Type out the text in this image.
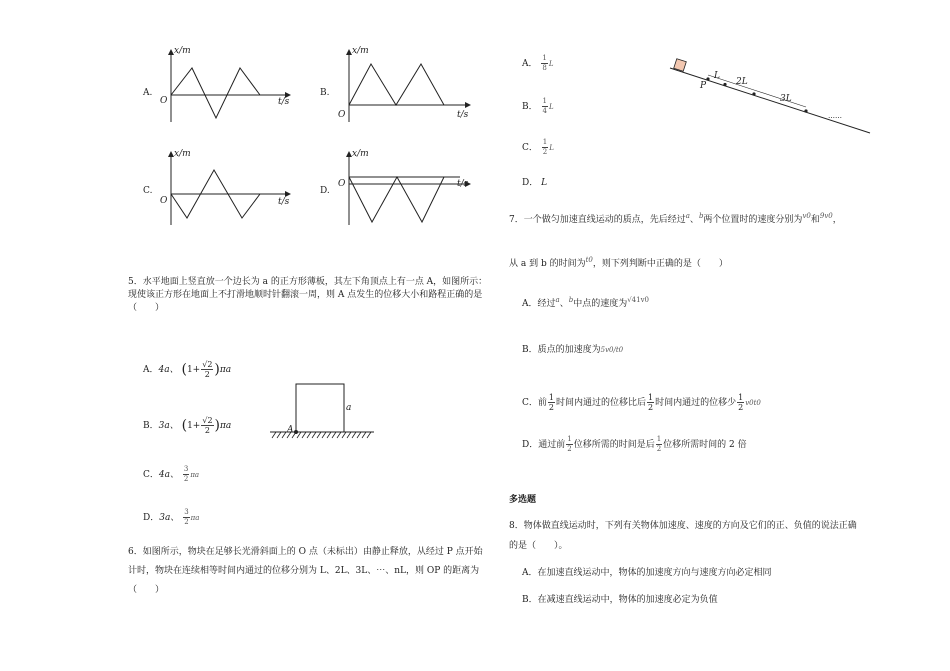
x/m
t/s
O
A.
x/m
t/s
O
B.
x/m
t/s
O
C.
x/m
t/s
O
D.
5．水平地面上竖直放一个边长为 a 的正方形薄板，其左下角顶点上有一点 A，如图所示：现使该正方形在地面上不打滑地顺时针翻滚一周，则 A 点发生的位移大小和路程正确的是（　　）
A．4a、 $(1+ \frac{√2}{2} )\pi a$
B．3a、 $(1+ \frac{√2}{2} )\pi a$
C．4a、 $\frac{3}{2}$ πa
D．3a、 $\frac{3}{2}$ πa
a
A
6．如图所示，物块在足够长光滑斜面上的 O 点（未标出）由静止释放，从经过 P 点开始计时，物块在连续相等时间内通过的位移分别为 L、2L、3L、⋯、nL，则 OP 的距离为（　　）
A． $\frac{1}{8}$ L
B． $\frac{1}{4}$ L
C． $\frac{1}{2}$ L
D． L
P
L
2L
3L
……
7．一个做匀加速直线运动的质点，先后经过$^a$、$^b$两个位置时的速度分别为$^{v0}$和$^{9v0}$，
从 a 到 b 的时间为$^{t0}$，则下列判断中正确的是（　　）
A．经过$^a$、$^b$中点的速度为$^{√41v0}$
B．质点的加速度为5v0/t0
C．前 $\frac{1}{2}$ 时间内通过的位移比后 $\frac{1}{2}$ 时间内通过的位移少 $\frac{1}{2} v0t0$
D．通过前 $\frac{1}{2}$ 位移所需的时间是后 $\frac{1}{2}$ 位移所需时间的 2 倍
多选题
8．物体做直线运动时，下列有关物体加速度、速度的方向及它们的正、负值的说法正确的是（　　）。
A．在加速直线运动中，物体的加速度方向与速度方向必定相同
B．在减速直线运动中，物体的加速度必定为负值
